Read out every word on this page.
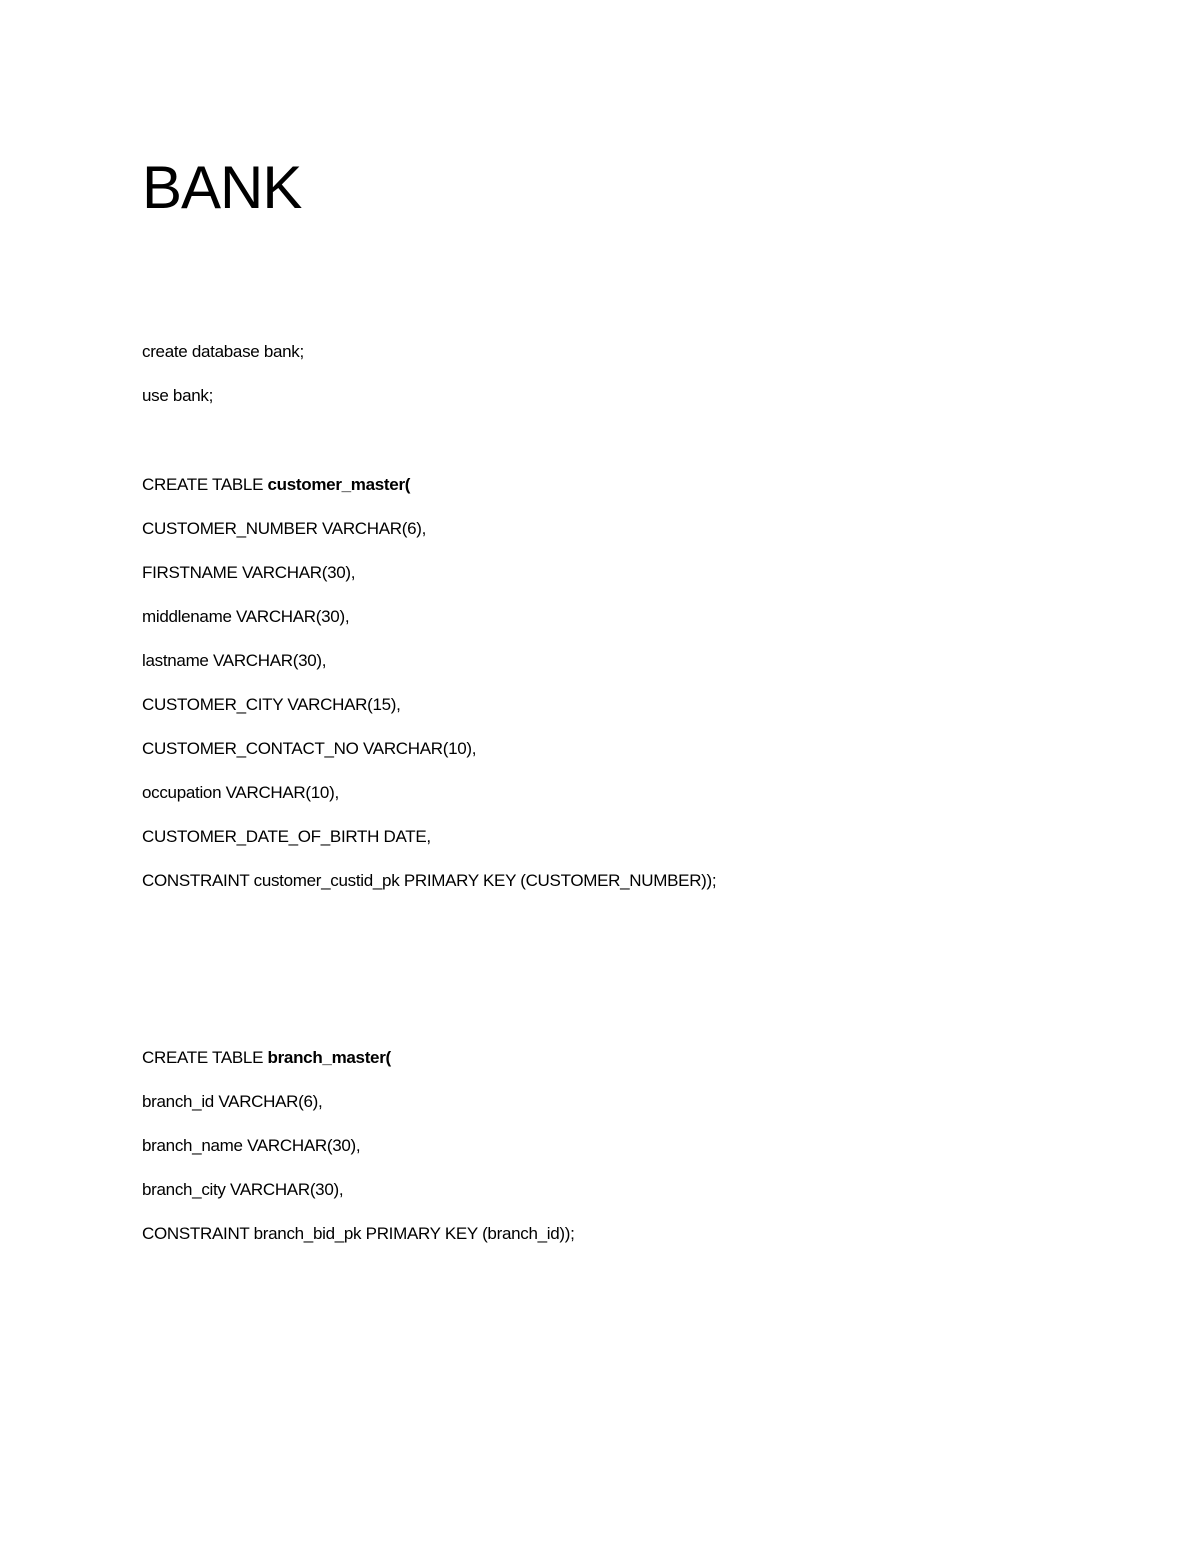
BANK
create database bank;
use bank;
CREATE TABLE customer_master(
CUSTOMER_NUMBER VARCHAR(6),
FIRSTNAME VARCHAR(30),
middlename VARCHAR(30),
lastname VARCHAR(30),
CUSTOMER_CITY VARCHAR(15),
CUSTOMER_CONTACT_NO VARCHAR(10),
occupation VARCHAR(10),
CUSTOMER_DATE_OF_BIRTH DATE,
CONSTRAINT customer_custid_pk PRIMARY KEY (CUSTOMER_NUMBER));
CREATE TABLE branch_master(
branch_id VARCHAR(6),
branch_name VARCHAR(30),
branch_city VARCHAR(30),
CONSTRAINT branch_bid_pk PRIMARY KEY (branch_id));
